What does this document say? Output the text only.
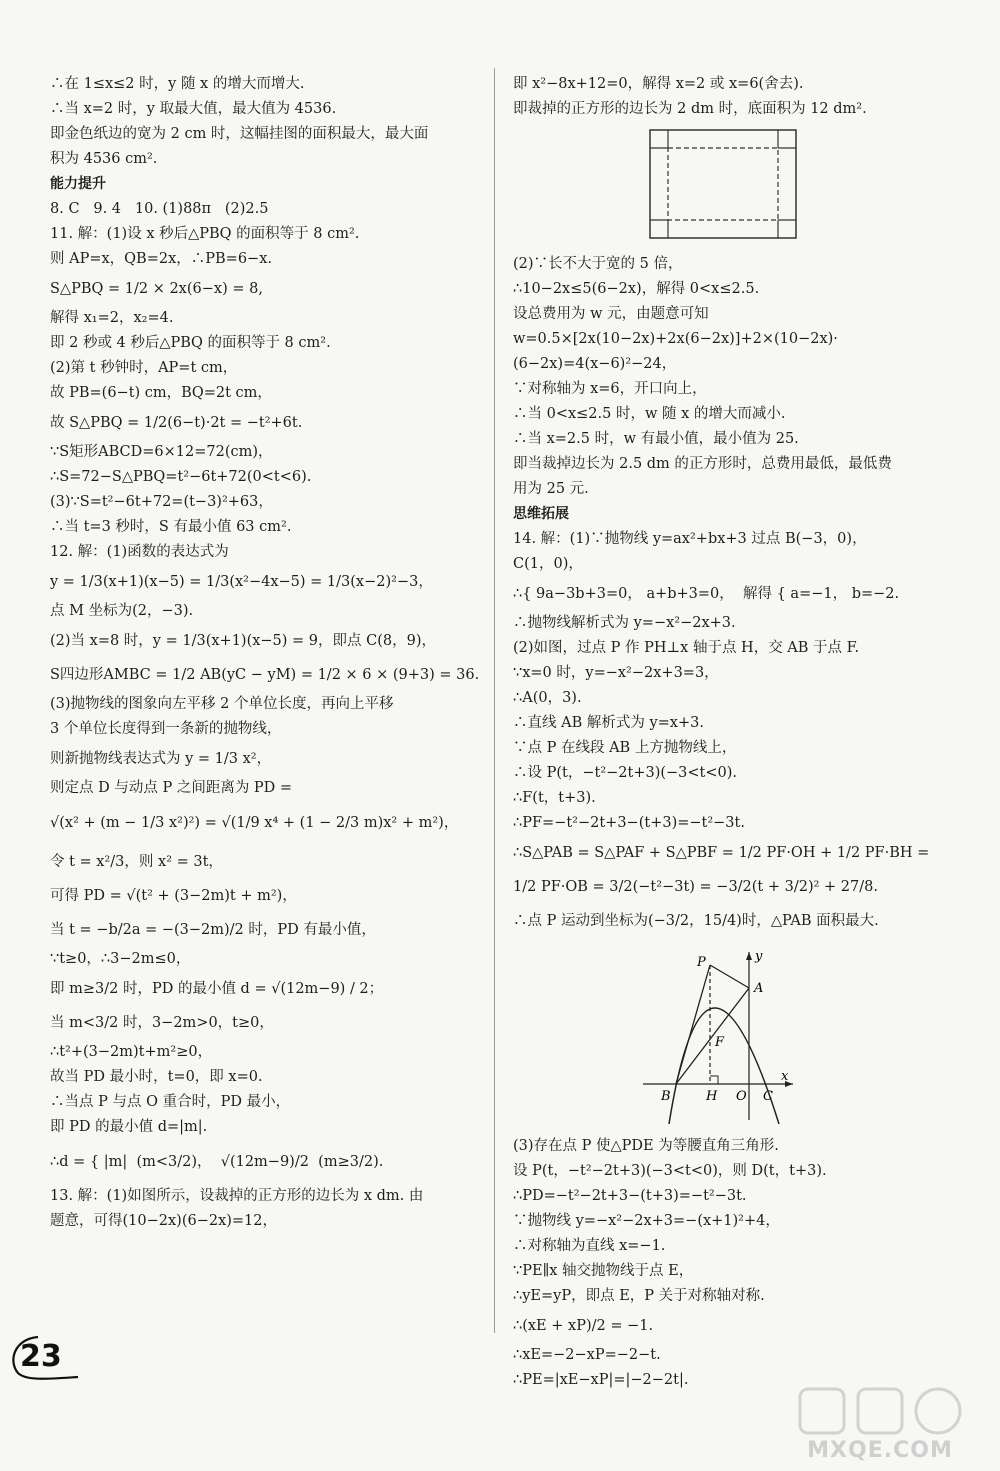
∴在 1≤x≤2 时，y 随 x 的增大而增大.

∴当 x=2 时，y 取最大值，最大值为 4536.

即金色纸边的宽为 2 cm 时，这幅挂图的面积最大，最大面

积为 4536 cm².

能力提升

8. C   9. 4   10. (1)88π   (2)2.5

11. 解：(1)设 x 秒后△PBQ 的面积等于 8 cm².

则 AP=x，QB=2x，∴PB=6−x.

S△PBQ = 1/2 × 2x(6−x) = 8,

解得 x₁=2，x₂=4.

即 2 秒或 4 秒后△PBQ 的面积等于 8 cm².

(2)第 t 秒钟时，AP=t cm，

故 PB=(6−t) cm，BQ=2t cm，

故 S△PBQ = 1/2(6−t)·2t = −t²+6t.

∵S矩形ABCD=6×12=72(cm)，

∴S=72−S△PBQ=t²−6t+72(0<t<6).

(3)∵S=t²−6t+72=(t−3)²+63，

∴当 t=3 秒时，S 有最小值 63 cm².

12. 解：(1)函数的表达式为

y = 1/3(x+1)(x−5) = 1/3(x²−4x−5) = 1/3(x−2)²−3，

点 M 坐标为(2，−3).

(2)当 x=8 时，y = 1/3(x+1)(x−5) = 9，即点 C(8，9)，

S四边形AMBC = 1/2 AB(yC − yM) = 1/2 × 6 × (9+3) = 36.

(3)抛物线的图象向左平移 2 个单位长度，再向上平移

3 个单位长度得到一条新的抛物线，

则新抛物线表达式为 y = 1/3 x²，

则定点 D 与动点 P 之间距离为 PD =

√(x² + (m − 1/3 x²)²) = √(1/9 x⁴ + (1 − 2/3 m)x² + m²)，

令 t = x²/3，则 x² = 3t，

可得 PD = √(t² + (3−2m)t + m²)，

当 t = −b/2a = −(3−2m)/2 时，PD 有最小值，

∵t≥0，∴3−2m≤0，

即 m≥3/2 时，PD 的最小值 d = √(12m−9) / 2；

当 m<3/2 时，3−2m>0，t≥0，

∴t²+(3−2m)t+m²≥0，

故当 PD 最小时，t=0，即 x=0.

∴当点 P 与点 O 重合时，PD 最小，

即 PD 的最小值 d=|m|.

∴d = { |m|  (m<3/2)，  √(12m−9)/2  (m≥3/2).

13. 解：(1)如图所示，设裁掉的正方形的边长为 x dm. 由

题意，可得(10−2x)(6−2x)=12，

即 x²−8x+12=0，解得 x=2 或 x=6(舍去).

即裁掉的正方形的边长为 2 dm 时，底面积为 12 dm².

(2)∵长不大于宽的 5 倍，

∴10−2x≤5(6−2x)，解得 0<x≤2.5.

设总费用为 w 元，由题意可知

w=0.5×[2x(10−2x)+2x(6−2x)]+2×(10−2x)·

(6−2x)=4(x−6)²−24，

∵对称轴为 x=6，开口向上，

∴当 0<x≤2.5 时，w 随 x 的增大而减小.

∴当 x=2.5 时，w 有最小值，最小值为 25.

即当裁掉边长为 2.5 dm 的正方形时，总费用最低，最低费

用为 25 元.

思维拓展

14. 解：(1)∵抛物线 y=ax²+bx+3 过点 B(−3，0)，

C(1，0)，

∴{ 9a−3b+3=0， a+b+3=0，  解得 { a=−1， b=−2.

∴抛物线解析式为 y=−x²−2x+3.

(2)如图，过点 P 作 PH⊥x 轴于点 H，交 AB 于点 F.

∵x=0 时，y=−x²−2x+3=3，

∴A(0，3).

∴直线 AB 解析式为 y=x+3.

∵点 P 在线段 AB 上方抛物线上，

∴设 P(t，−t²−2t+3)(−3<t<0).

∴F(t，t+3).

∴PF=−t²−2t+3−(t+3)=−t²−3t.

∴S△PAB = S△PAF + S△PBF = 1/2 PF·OH + 1/2 PF·BH =

1/2 PF·OB = 3/2(−t²−3t) = −3/2(t + 3/2)² + 27/8.

∴点 P 运动到坐标为(−3/2，15/4)时，△PAB 面积最大.

P
A
F
B	H O C
x
y

(3)存在点 P 使△PDE 为等腰直角三角形.

设 P(t，−t²−2t+3)(−3<t<0)，则 D(t，t+3).

∴PD=−t²−2t+3−(t+3)=−t²−3t.

∵抛物线 y=−x²−2x+3=−(x+1)²+4，

∴对称轴为直线 x=−1.

∵PE∥x 轴交抛物线于点 E，

∴yE=yP，即点 E，P 关于对称轴对称.

∴(xE + xP)/2 = −1.

∴xE=−2−xP=−2−t.

∴PE=|xE−xP|=|−2−2t|.

23
MXQE.COM
